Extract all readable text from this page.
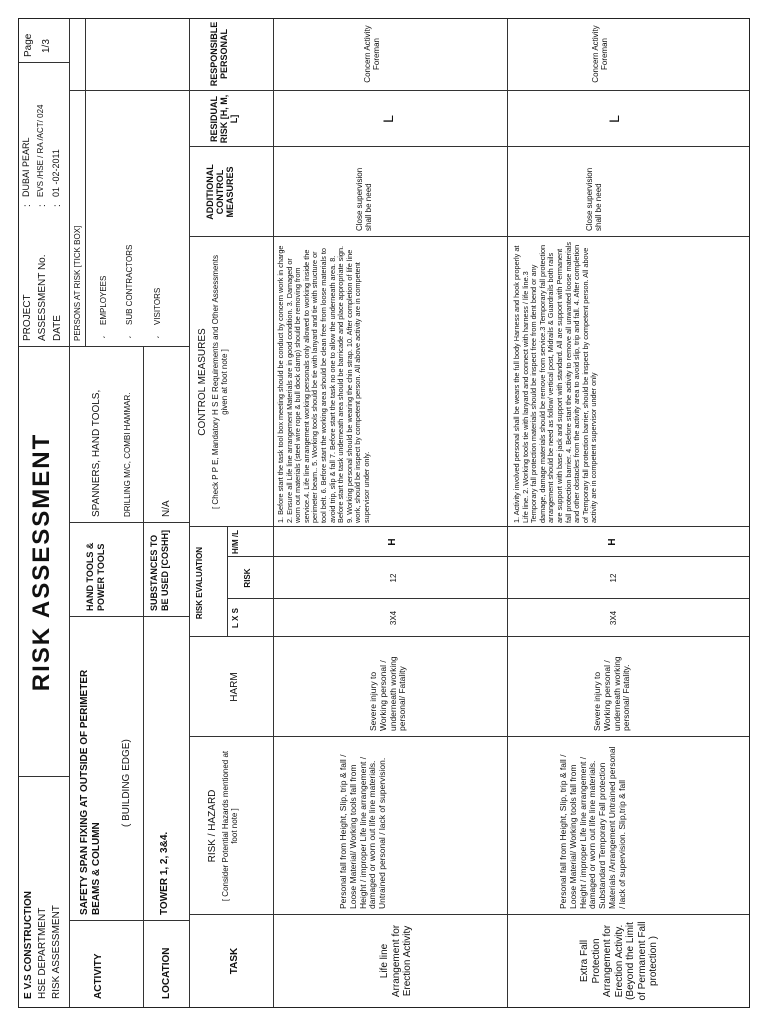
E V.S CONSTRUCTION HSE DEPARTMENT RISK ASSESSMENT
RISK ASSESSMENT
PROJECT ASSESSMENT No. DATE
: : :
DUBAI PEARL EVS /HSE / RA /ACT/ 024 01 -02-2011
Page 1/3
ACTIVITY
SAFETY SPAN FIXING AT OUTSIDE OF PERIMETER BEAMS & COLUMN
( BUILDING EDGE)
LOCATION
TOWER 1, 2, 3&4.
HAND TOOLS & POWER TOOLS
SPANNERS, HAND TOOLS,	DRILLING M/C, COMBI HAMMAR.
SUBSTANCES TO BE USED [COSHH]
N/A
PERSONS AT RISK [TICK BOX] ˏ
EMPLOYEES
ˏ
SUB CONTRACTORS
ˏ
VISITORS
TASK
RISK / HAZARD [ Consider Potential Hazards mentioned at foot note ]
HARM
RISK EVALUATION	L X S
RISK
H/M /L
CONTROL MEASURES [ Check P P E, Mandatory H S E Requirements and Other Assessments given at foot note ]
ADDITIONAL CONTROL MEASURES
RESIDUAL RISK [H, M, L]
RESPONSIBLE PERSONAL
Life line Arrangement for Erection Activity
Personal fall from Height, Slip, trip & fall / Loose Material/ Working tools fall from Height / improper Life line arrangement / damaged or worn out life line materials. Untrained personal / lack of supervision.
Severe injury to Working personal / underneath working personal/ Fatality
3X4
12
H
1. Before start the task tool box meeting should be conduct by concern work in charge 2. Ensure all Life line arrangement Materials are in good condition. 3. Damaged or worn out materials (steel wire rope & bull dock clamp) should be removing from service.4. Life line arrangement working personals only allowed to working inside the perimeter beam.. 5. Working tools should be tie with lanyard and tie with structure or tool belt. 6. Before start the working area should be clean free from loose materials to avoid trip, slip & fall 7. Before start the task no one to allow the underneath area. 8. Before start the task underneath area should be barricade and place appropriate sign. 9. Working personal should be wearing the chin strap. 10. After completion of life line work, should be inspect by competent person. All above activity are in competent supervisor under only.
Close supervision shall be need
L
Concern Activity Foreman
Extra Fall Protection Arrangement for Erection Activity. (Beyond the Limit of Permanent Fall protection )
Personal fall from Height, Slip, trip & fall / Loose Material/ Working tools fall from Height / improper Life line arrangement / damaged or worn out life line materials. Substandard Temporary Fall protection Materials /Arrangement Untrained personal / lack of supervision. Slip,trip & fall
Severe injury to Working personal / underneath working personal/ Fatality.
3X4
12
H
1. Activity involved personal shall be wears the full body Harness and hook properly at Life line. 2. Working tools tie with lanyard and connect with harness / life line.3 Temporary fall protection materials should be inspect free from dent bend or any damage, damage materials should be remove from service.3 Temporary fall protection arrangement should be need as follow/ vertical post, Midrails & Guardrails both rails are support with base jack and support with standard. All are support with Permanent fall protection barrier. 4. Before start the activity to remove all unwanted loose materials and other obstacles from the activity area to avoid slip, trip and fall. 4. After completion of Temporary fall protection barrier, should be inspect by competent person. All above activity are in competent supervisor under only
Close supervision shall be need
L
Concern Activity Foreman
